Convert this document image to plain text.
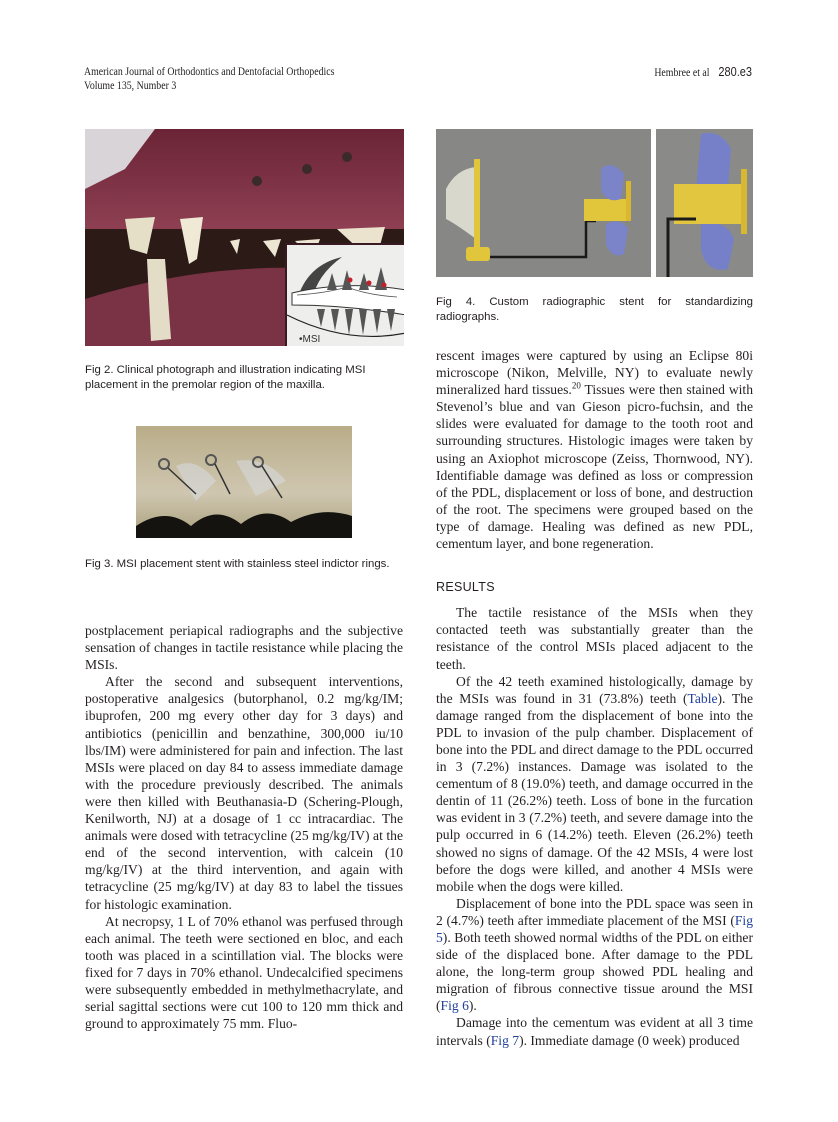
American Journal of Orthodontics and Dentofacial Orthopedics
Volume 135, Number 3
Hembree et al 280.e3
•MSI
Fig 2. Clinical photograph and illustration indicating MSI placement in the premolar region of the maxilla.
Fig 3. MSI placement stent with stainless steel indictor rings.
Fig 4. Custom radiographic stent for standardizing radiographs.

postplacement periapical radiographs and the subjective sensation of changes in tactile resistance while placing the MSIs.

After the second and subsequent interventions, postoperative analgesics (butorphanol, 0.2 mg/kg/IM; ibuprofen, 200 mg every other day for 3 days) and antibiotics (penicillin and benzathine, 300,000 iu/10 lbs/IM) were administered for pain and infection. The last MSIs were placed on day 84 to assess immediate damage with the procedure previously described. The animals were then killed with Beuthanasia-D (Schering-Plough, Kenilworth, NJ) at a dosage of 1 cc intracardiac. The animals were dosed with tetracycline (25 mg/kg/IV) at the end of the second intervention, with calcein (10 mg/kg/IV) at the third intervention, and again with tetracycline (25 mg/kg/IV) at day 83 to label the tissues for histologic examination.

At necropsy, 1 L of 70% ethanol was perfused through each animal. The teeth were sectioned en bloc, and each tooth was placed in a scintillation vial. The blocks were fixed for 7 days in 70% ethanol. Undecalcified specimens were subsequently embedded in methylmethacrylate, and serial sagittal sections were cut 100 to 120 mm thick and ground to approximately 75 mm. Fluo-

rescent images were captured by using an Eclipse 80i microscope (Nikon, Melville, NY) to evaluate newly mineralized hard tissues.$^{20}$ Tissues were then stained with Stevenol’s blue and van Gieson picro-fuchsin, and the slides were evaluated for damage to the tooth root and surrounding structures. Histologic images were taken by using an Axiophot microscope (Zeiss, Thornwood, NY). Identifiable damage was defined as loss or compression of the PDL, displacement or loss of bone, and destruction of the root. The specimens were grouped based on the type of damage. Healing was defined as new PDL, cementum layer, and bone regeneration.

RESULTS

The tactile resistance of the MSIs when they contacted teeth was substantially greater than the resistance of the control MSIs placed adjacent to the teeth.

Of the 42 teeth examined histologically, damage by the MSIs was found in 31 (73.8%) teeth (Table). The damage ranged from the displacement of bone into the PDL to invasion of the pulp chamber. Displacement of bone into the PDL and direct damage to the PDL occurred in 3 (7.2%) instances. Damage was isolated to the cementum of 8 (19.0%) teeth, and damage occurred in the dentin of 11 (26.2%) teeth. Loss of bone in the furcation was evident in 3 (7.2%) teeth, and severe damage into the pulp occurred in 6 (14.2%) teeth. Eleven (26.2%) teeth showed no signs of damage. Of the 42 MSIs, 4 were lost before the dogs were killed, and another 4 MSIs were mobile when the dogs were killed.

Displacement of bone into the PDL space was seen in 2 (4.7%) teeth after immediate placement of the MSI (Fig 5). Both teeth showed normal widths of the PDL on either side of the displaced bone. After damage to the PDL alone, the long-term group showed PDL healing and migration of fibrous connective tissue around the MSI (Fig 6).

Damage into the cementum was evident at all 3 time intervals (Fig 7). Immediate damage (0 week) produced
